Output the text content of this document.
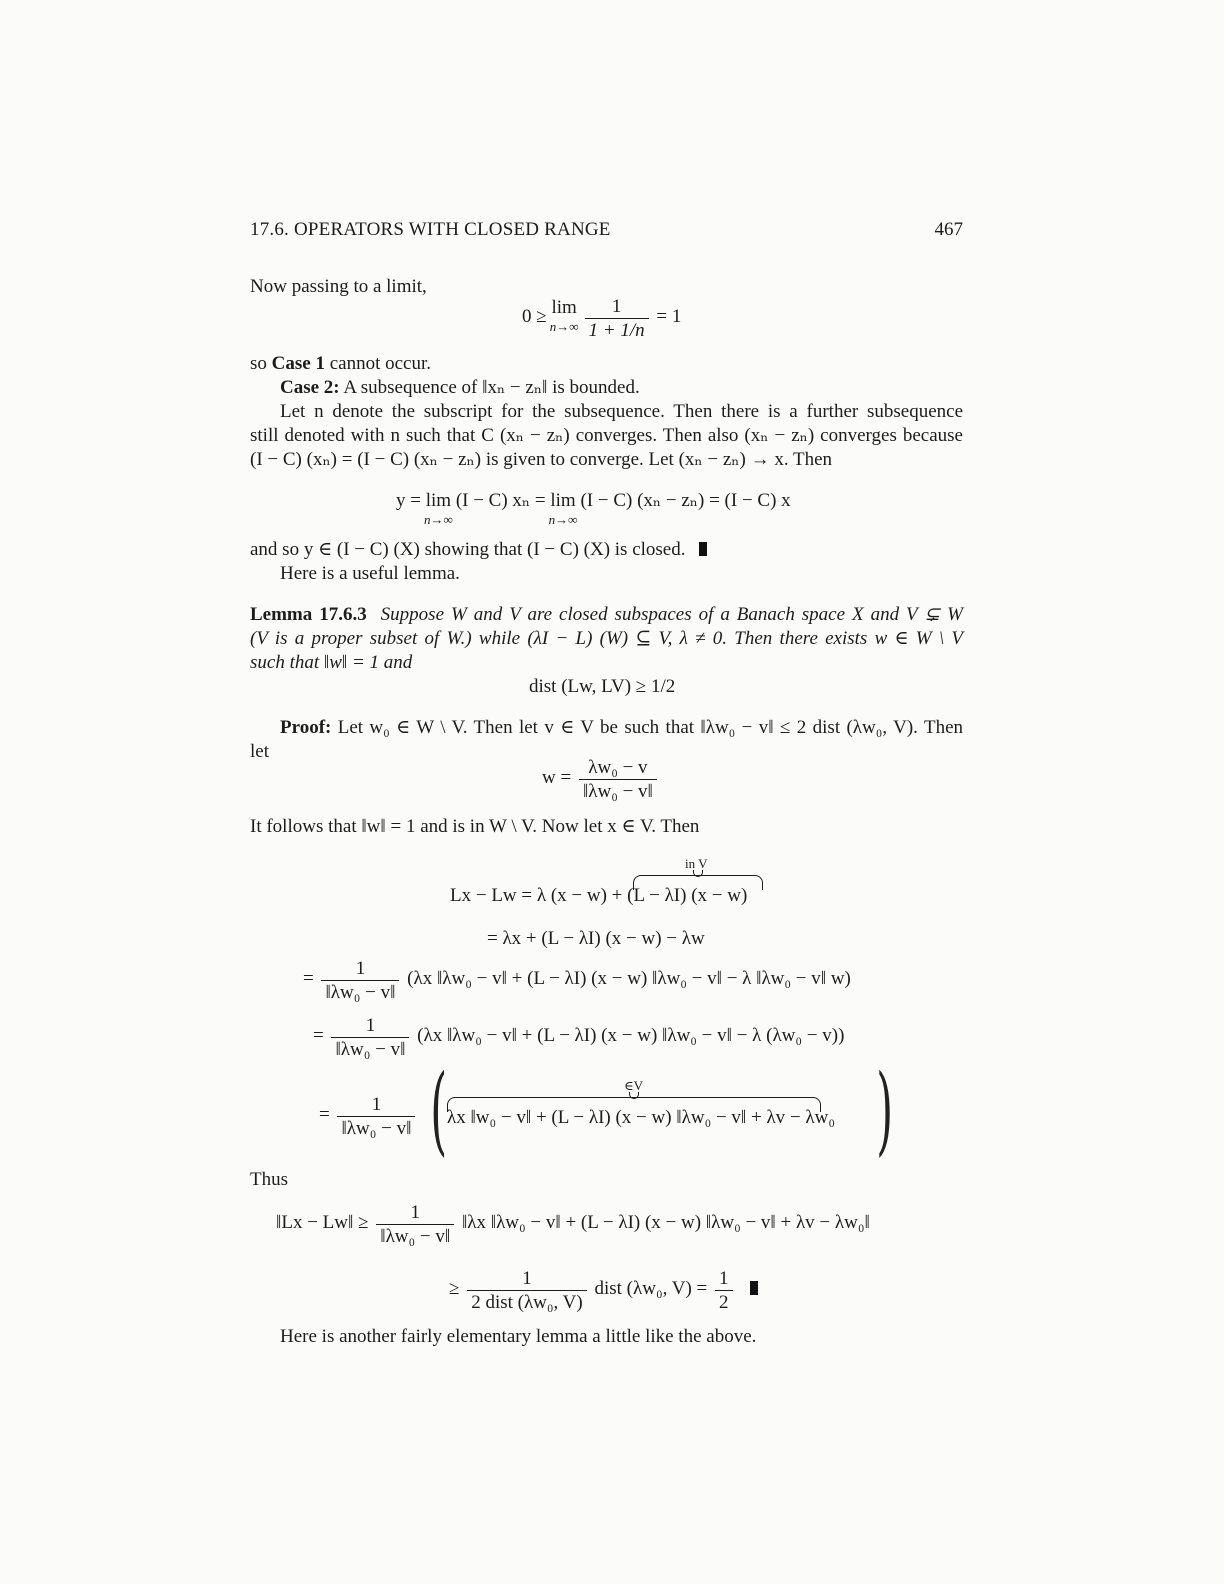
17.6. OPERATORS WITH CLOSED RANGE	467
Now passing to a limit,
0 ≥ lim
n→∞
$\frac{1}{1 + 1/n} = 1$
so Case 1 cannot occur.
Case 2: A subsequence of ‖xₙ − zₙ‖ is bounded.
Let n denote the subscript for the subsequence. Then there is a further subsequence
still denoted with n such that C (xₙ − zₙ) converges. Then also (xₙ − zₙ) converges because
(I − C) (xₙ) = (I − C) (xₙ − zₙ) is given to converge. Let (xₙ − zₙ) → x. Then
y = lim
n→∞
(I − C) xₙ = lim
n→∞
(I − C) (xₙ − zₙ) = (I − C) x
and so y ∈ (I − C) (X) showing that (I − C) (X) is closed.
Here is a useful lemma.
Lemma 17.6.3 Suppose W and V are closed subspaces of a Banach space X and V ⊊ W
(V is a proper subset of W.) while (λI − L) (W) ⊆ V, λ ≠ 0. Then there exists w ∈ W \ V
such that ‖w‖ = 1 and
dist (Lw, LV) ≥ 1/2
Proof: Let w₀ ∈ W \ V. Then let v ∈ V be such that ‖λw₀ − v‖ ≤ 2 dist (λw₀, V). Then
let
$w = \frac{\text{λw₀ − v}}{\text{‖λw₀ − v‖}}$
It follows that ‖w‖ = 1 and is in W \ V. Now let x ∈ V. Then
Lx − Lw = λ (x − w) + (L − λI) (x − w)
in V
= λx + (L − λI) (x − w) − λw
= $\frac{1}{\text{‖λw₀ − v‖}} (\lambda x$ ‖λw₀ − v‖ + (L − λI) (x − w) ‖λw₀ − v‖ − λ ‖λw₀ − v‖ w)
= $\frac{1}{\text{‖λw₀ − v‖}} (\lambda x$ ‖λw₀ − v‖ + (L − λI) (x − w) ‖λw₀ − v‖ − λ (λw₀ − v))
= $\frac{1}{\text{‖λw₀ − v‖}}$ ( λx ‖w₀ − v‖ + (L − λI) (x − w) ‖λw₀ − v‖ + λv − λw₀
∈V )
Thus
‖Lx − Lw‖ ≥ $\frac{1}{\text{‖λw₀ − v‖}}$ ‖λx ‖λw₀ − v‖ + (L − λI) (x − w) ‖λw₀ − v‖ + λv − λw₀‖
≥ $\frac{1}{\text{2 dist (λw₀, V)}}$ dist (λw₀, $V) = \frac{1}{2}$
Here is another fairly elementary lemma a little like the above.
